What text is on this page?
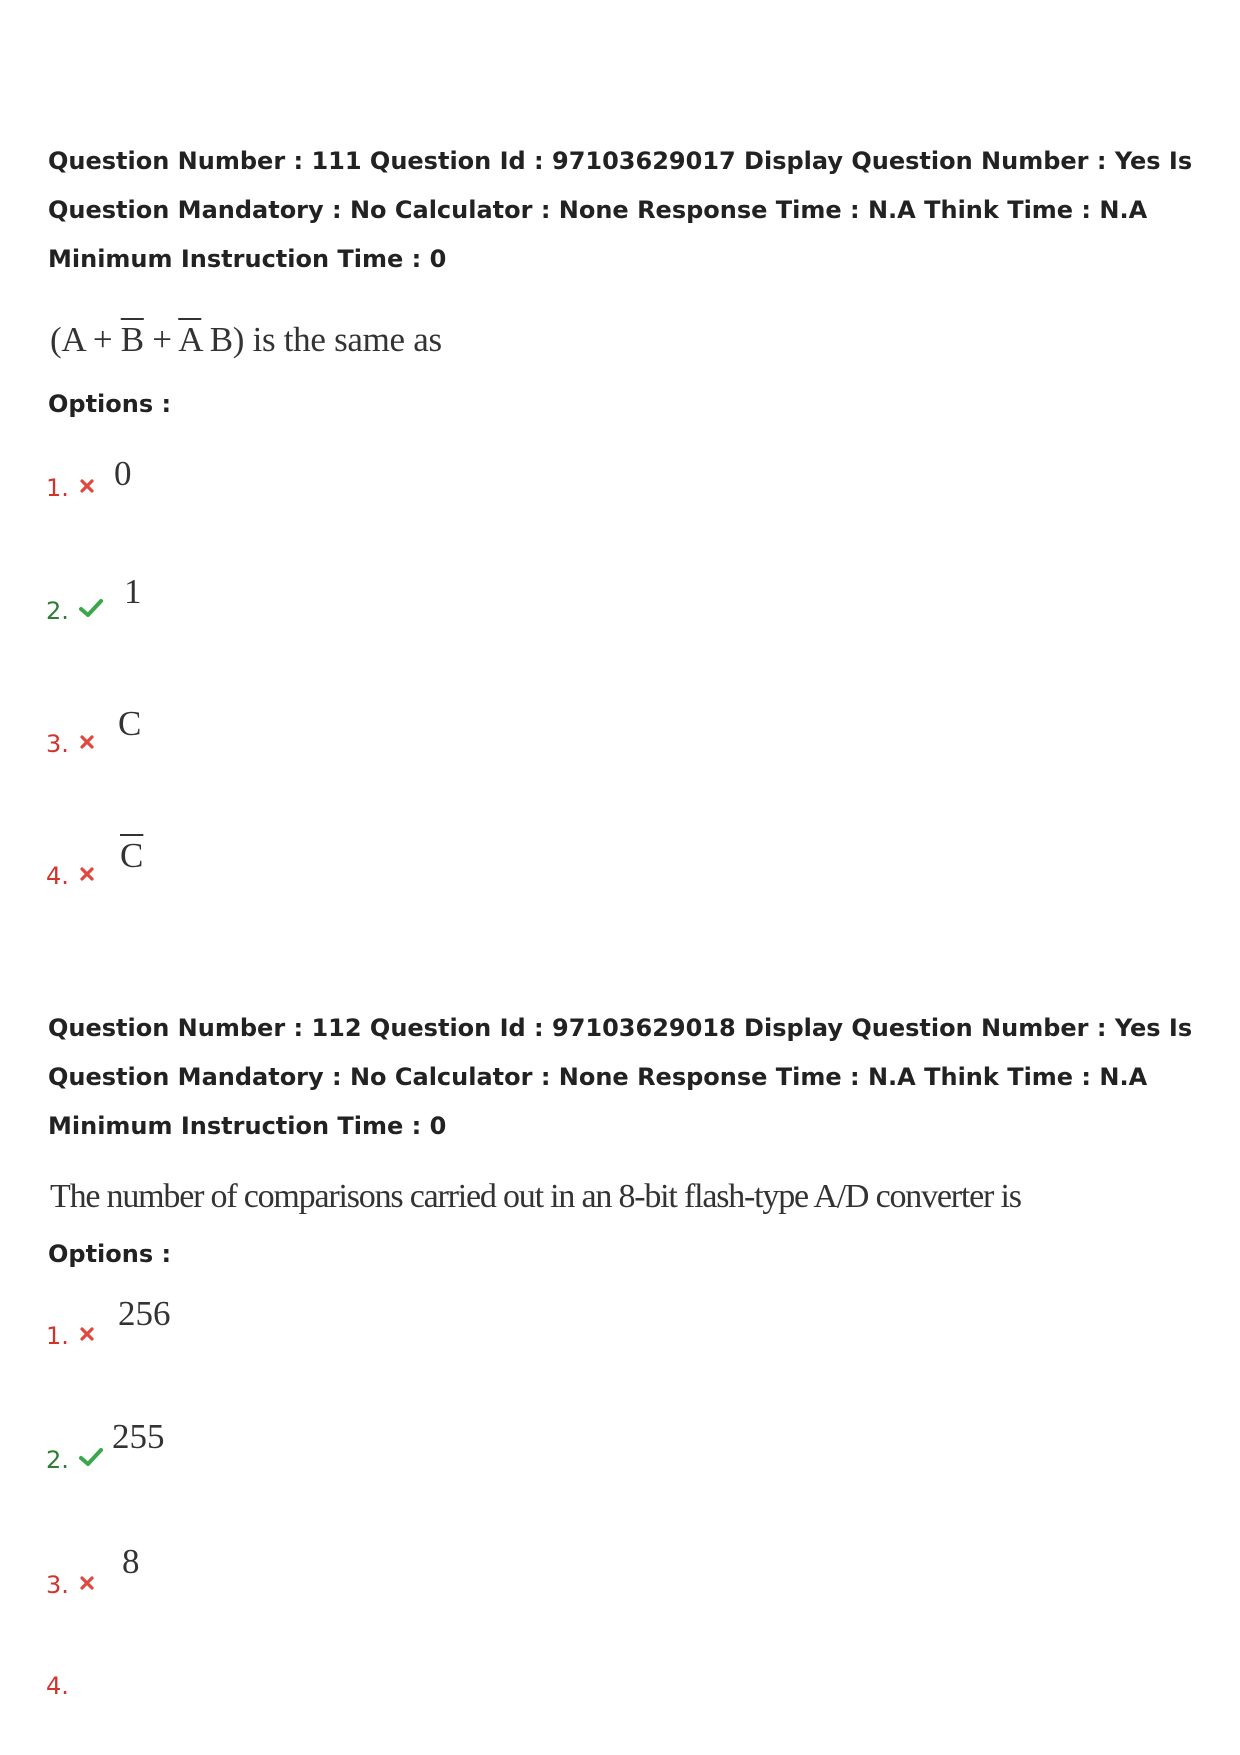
Question Number : 111 Question Id : 97103629017 Display Question Number : Yes Is Question Mandatory : No Calculator : None Response Time : N.A Think Time : N.A Minimum Instruction Time : 0

($A + \overline{B} + \overline{A}$ B) is the same as
Options :
1. 0
2. 1
3.
C
4.
$\overline{C}$

Question Number : 112 Question Id : 97103629018 Display Question Number : Yes Is Question Mandatory : No Calculator : None Response Time : N.A Think Time : N.A Minimum Instruction Time : 0

The number of comparisons carried out in an 8-bit flash-type A/D converter is
Options :
1.
256
2.
255
3.
8
4.
